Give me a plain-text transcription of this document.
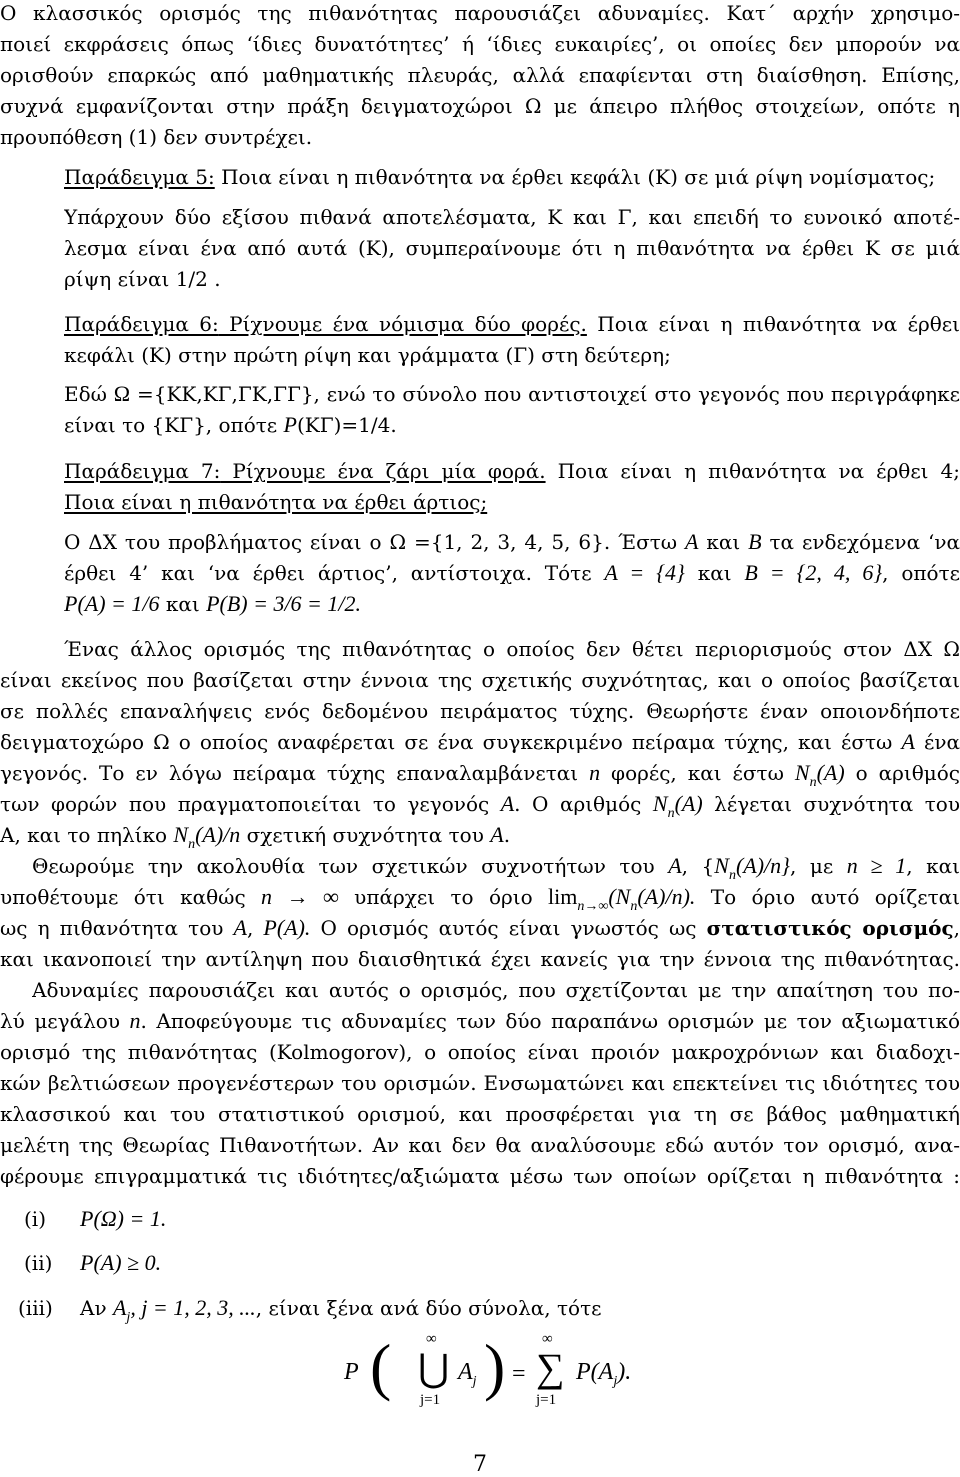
Ο κλασσικός ορισμός της πιθανότητας παρουσιάζει αδυναμίες. Κατ΄ αρχήν χρησιμο-
ποιεί εκφράσεις όπως ‘ίδιες δυνατότητες’ ή ‘ίδιες ευκαιρίες’, οι οποίες δεν μπορούν να
ορισθούν επαρκώς από μαθηματικής πλευράς, αλλά επαφίενται στη διαίσθηση. Επίσης,
συχνά εμφανίζονται στην πράξη δειγματοχώροι Ω με άπειρο πλήθος στοιχείων, οπότε η
προυπόθεση (1) δεν συντρέχει.
Παράδειγμα 5: Ποια είναι η πιθανότητα να έρθει κεφάλι (Κ) σε μιά ρίψη νομίσματος;
Υπάρχουν δύο εξίσου πιθανά αποτελέσματα, Κ και Γ, και επειδή το ευνοικό αποτέ-
λεσμα είναι ένα από αυτά (Κ), συμπεραίνουμε ότι η πιθανότητα να έρθει Κ σε μιά
ρίψη είναι 1/2 .
Παράδειγμα 6: Ρίχνουμε ένα νόμισμα δύο φορές. Ποια είναι η πιθανότητα να έρθει
κεφάλι (Κ) στην πρώτη ρίψη και γράμματα (Γ) στη δεύτερη;
Εδώ Ω ={ΚΚ,ΚΓ,ΓΚ,ΓΓ}, ενώ το σύνολο που αντιστοιχεί στο γεγονός που περιγράφηκε
είναι το {ΚΓ}, οπότε P(ΚΓ)=1/4.
Παράδειγμα 7: Ρίχνουμε ένα ζάρι μία φορά. Ποια είναι η πιθανότητα να έρθει 4;
Ποια είναι η πιθανότητα να έρθει άρτιος;
Ο ΔΧ του προβλήματος είναι ο Ω ={1, 2, 3, 4, 5, 6}. Έστω A και B τα ενδεχόμενα ‘να
έρθει 4’ και ‘να έρθει άρτιος’, αντίστοιχα. Τότε A = {4} και B = {2, 4, 6}, οπότε
P(A) = 1/6 και P(B) = 3/6 = 1/2.
Ένας άλλος ορισμός της πιθανότητας ο οποίος δεν θέτει περιορισμούς στον ΔΧ Ω
είναι εκείνος που βασίζεται στην έννοια της σχετικής συχνότητας, και ο οποίος βασίζεται
σε πολλές επαναλήψεις ενός δεδομένου πειράματος τύχης. Θεωρήστε έναν οποιονδήποτε
δειγματοχώρο Ω ο οποίος αναφέρεται σε ένα συγκεκριμένο πείραμα τύχης, και έστω A ένα
γεγονός. Το εν λόγω πείραμα τύχης επαναλαμβάνεται n φορές, και έστω $N_n(A)$ ο αριθμός
των φορών που πραγματοποιείται το γεγονός A. Ο αριθμός $N_n(A)$ λέγεται συχνότητα του
Α, και το πηλίκο $N_n(A)/n$ σχετική συχνότητα του A.
Θεωρούμε την ακολουθία των σχετικών συχνοτήτων του A, $\{N_n(A)/n\}$, με n ≥ 1, και
υποθέτουμε ότι καθώς n → ∞ υπάρχει το όριο $\lim_{n\to\infty}(N_n(A)/n)$. Το όριο αυτό ορίζεται
ως η πιθανότητα του A, P(A). Ο ορισμός αυτός είναι γνωστός ως στατιστικός ορισμός,
και ικανοποιεί την αντίληψη που διαισθητικά έχει κανείς για την έννοια της πιθανότητας.
Αδυναμίες παρουσιάζει και αυτός ο ορισμός, που σχετίζονται με την απαίτηση του πο-
λύ μεγάλου n. Αποφεύγουμε τις αδυναμίες των δύο παραπάνω ορισμών με τον αξιωματικό
ορισμό της πιθανότητας (Kolmogorov), ο οποίος είναι προιόν μακροχρόνιων και διαδοχι-
κών βελτιώσεων προγενέστερων του ορισμών. Ενσωματώνει και επεκτείνει τις ιδιότητες του
κλασσικού και του στατιστικού ορισμού, και προσφέρεται για τη σε βάθος μαθηματική
μελέτη της Θεωρίας Πιθανοτήτων. Αν και δεν θα αναλύσουμε εδώ αυτόν τον ορισμό, ανα-
φέρουμε επιγραμματικά τις ιδιότητες/αξιώματα μέσω των οποίων ορίζεται η πιθανότητα :
(i) P(Ω) = 1.
(ii) P(A) ≥ 0.
(iii) Αν $A_j$, j = 1, 2, 3, ..., είναι ξένα ανά δύο σύνολα, τότε
P ( ∞
⋃
j=1
$A_j$ ) =
∞
∑
j=1
$P(A_j)$.
7
